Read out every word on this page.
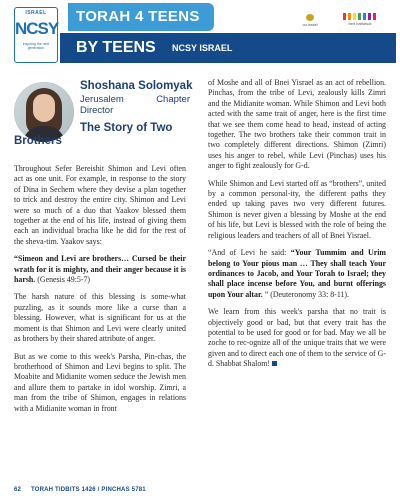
ISRAEL
NCSY
inspiring the next generation
TORAH 4 TEENS
BY TEENS NCSY ISRAEL
ou israel	beit hatfutsot
Shoshana Solomyak
Jerusalem Chapter Director
The Story of Two
Brothers

Throughout Sefer Bereishit Shimon and Levi often act as one unit. For example, in response to the story of Dina in Sechem where they devise a plan together to trick and destroy the entire city. Shimon and Levi were so much of a duo that Yaakov blessed them together at the end of his life, instead of giving them each an individual bracha like he did for the rest of the sheva-tim. Yaakov says:

“Simeon and Levi are brothers… Cursed be their wrath for it is mighty, and their anger because it is harsh. (Genesis 49:5-7)

The harsh nature of this blessing is some-what puzzling, as it sounds more like a curse than a blessing. However, what is significant for us at the moment is that Shimon and Levi were clearly united as brothers by their shared attribute of anger.

But as we come to this week's Parsha, Pin-chas, the brotherhood of Shimon and Levi begins to split. The Moabite and Midianite women seduce the Jewish men and allure them to partake in idol worship. Zimri, a man from the tribe of Shimon, engages in relations with a Midianite woman in front

of Moshe and all of Bnei Yisrael as an act of rebellion. Pinchas, from the tribe of Levi, zealously kills Zimri and the Midianite woman. While Shimon and Levi both acted with the same trait of anger, here is the first time that we see them come head to head, instead of acting together. The two brothers take their common trait in two completely different directions. Shimon (Zimri) uses his anger to rebel, while Levi (Pinchas) uses his anger to fight zealously for G-d.

While Shimon and Levi started off as “brothers”, united by a common personal-ity, the different paths they ended up taking paves two very different futures. Shimon is never given a blessing by Moshe at the end of his life, but Levi is blessed with the role of being the religious leaders and teachers of all of Bnei Yisrael.

“And of Levi he said: “Your Tummim and Urim belong to Your pious man … They shall teach Your ordinances to Jacob, and Your Torah to Israel; they shall place incense before You, and burnt offerings upon Your altar. ” (Deuteronomy 33: 8-11).

We learn from this week's parsha that no trait is objectively good or bad, but that every trait has the potential to be used for good or for bad. May we all be zoche to rec-ognize all of the unique traits that we were given and to direct each one of them to the service of G-d. Shabbat Shalom!

62 TORAH TIDBITS 1426 / PINCHAS 5781
